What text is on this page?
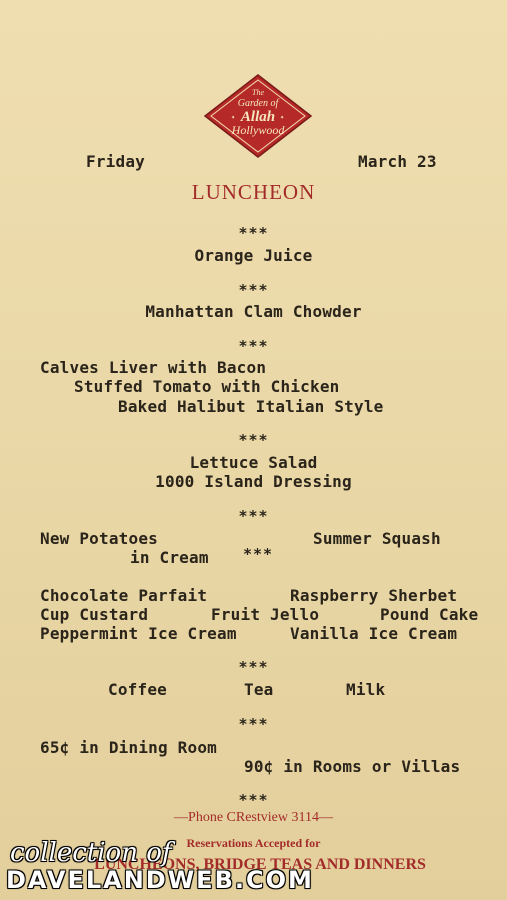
The
Garden of
Allah
Hollywood
✦	✦
Friday	March 23
LUNCHEON
***
Orange Juice
***
Manhattan Clam Chowder
***
Calves Liver with Bacon
Stuffed Tomato with Chicken
Baked Halibut Italian Style
***
Lettuce Salad
1000 Island Dressing
***
New Potatoes	Summer Squash
in Cream ***
Chocolate Parfait	Raspberry Sherbet
Cup Custard	Fruit Jello	Pound Cake
Peppermint Ice Cream	Vanilla Ice Cream
***
Coffee	Tea	Milk
***
65¢ in Dining Room
90¢ in Rooms or Villas
***
—Phone CRestview 3114—
Reservations Accepted for
LUNCHEONS, BRIDGE TEAS AND DINNERS
collection of
DAVELANDWEB.COM
